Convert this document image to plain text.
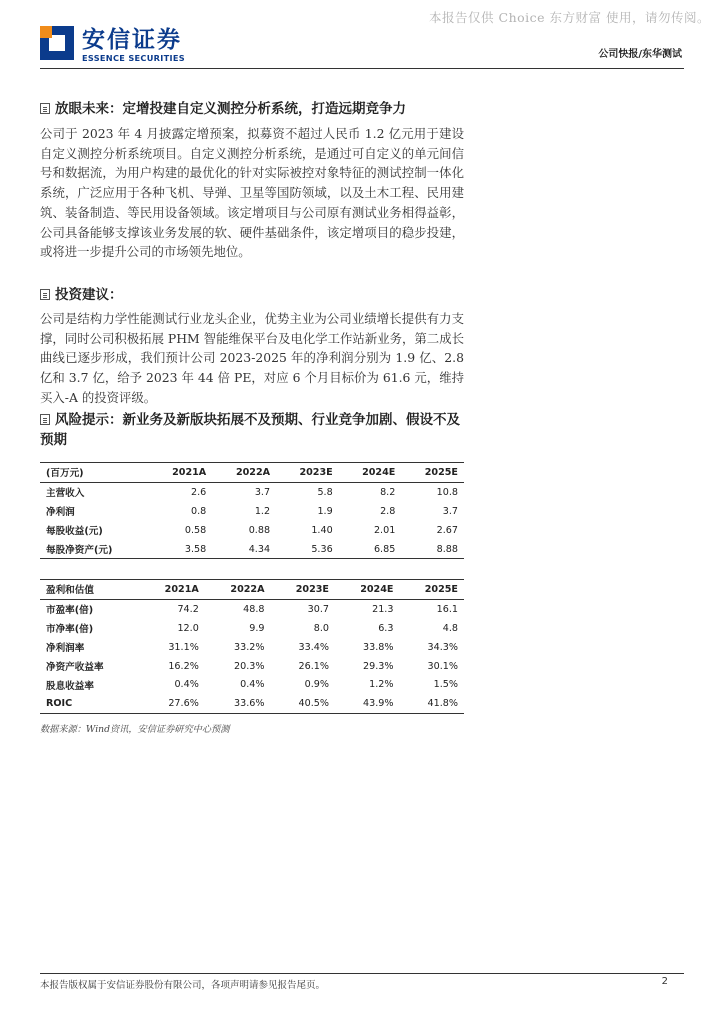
本报告仅供 Choice 东方财富 使用，请勿传阅。
安信证券
ESSENCE SECURITIES	公司快报/东华测试
放眼未来：定增投建自定义测控分析系统，打造远期竞争力
公司于 2023 年 4 月披露定增预案，拟募资不超过人民币 1.2 亿元用于建设自定义测控分析系统项目。自定义测控分析系统，是通过可自定义的单元间信号和数据流，为用户构建的最优化的针对实际被控对象特征的测试控制一体化系统，广泛应用于各种飞机、导弹、卫星等国防领域，以及土木工程、民用建筑、装备制造、等民用设备领域。该定增项目与公司原有测试业务相得益彰，公司具备能够支撑该业务发展的软、硬件基础条件，该定增项目的稳步投建，或将进一步提升公司的市场领先地位。
投资建议：
公司是结构力学性能测试行业龙头企业，优势主业为公司业绩增长提供有力支撑，同时公司积极拓展 PHM 智能维保平台及电化学工作站新业务，第二成长曲线已逐步形成，我们预计公司 2023-2025 年的净利润分别为 1.9 亿、2.8 亿和 3.7 亿，给予 2023 年 44 倍 PE，对应 6 个月目标价为 61.6 元，维持买入-A 的投资评级。
风险提示：新业务及新版块拓展不及预期、行业竞争加剧、假设不及预期
(百万元)	2021A	2022A	2023E	2024E	2025E
主营收入	2.6	3.7	5.8	8.2	10.8
净利润	0.8	1.2	1.9	2.8	3.7
每股收益(元)	0.58	0.88	1.40	2.01	2.67
每股净资产(元)	3.58	4.34	5.36	6.85	8.88
盈利和估值	2021A	2022A	2023E	2024E	2025E
市盈率(倍)	74.2	48.8	30.7	21.3	16.1
市净率(倍)	12.0	9.9	8.0	6.3	4.8
净利润率	31.1%	33.2%	33.4%	33.8%	34.3%
净资产收益率	16.2%	20.3%	26.1%	29.3%	30.1%
股息收益率	0.4%	0.4%	0.9%	1.2%	1.5%
ROIC	27.6%	33.6%	40.5%	43.9%	41.8%
数据来源：Wind资讯，安信证券研究中心预测
本报告版权属于安信证券股份有限公司，各项声明请参见报告尾页。	2
